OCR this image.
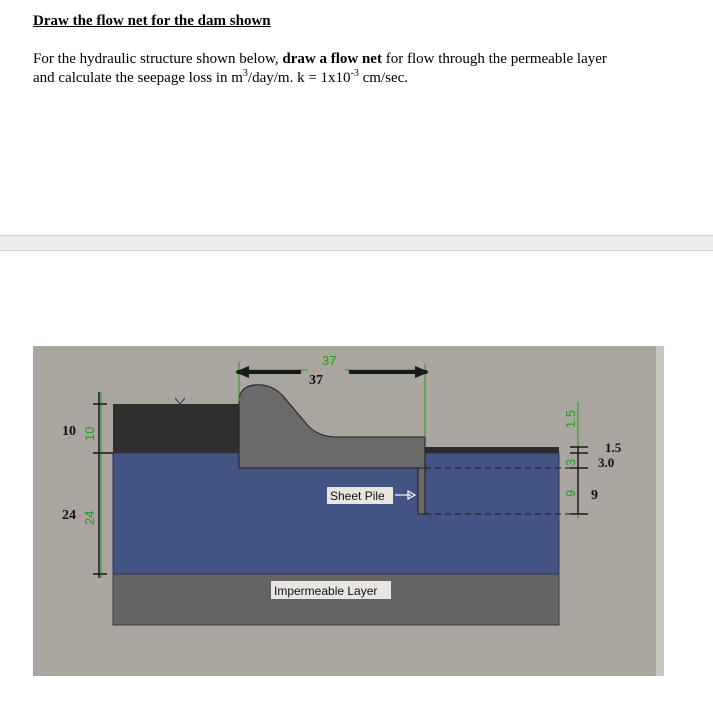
Draw the flow net for the dam shown
For the hydraulic structure shown below, draw a flow net for flow through the permeable layer
and calculate the seepage loss in $m^3/day/m$. $k = 1x10^{-3}$ cm/sec.
37
37
10 10
24 24
1.5
3
9
1.5
3.0
9
Sheet Pile
Impermeable Layer
